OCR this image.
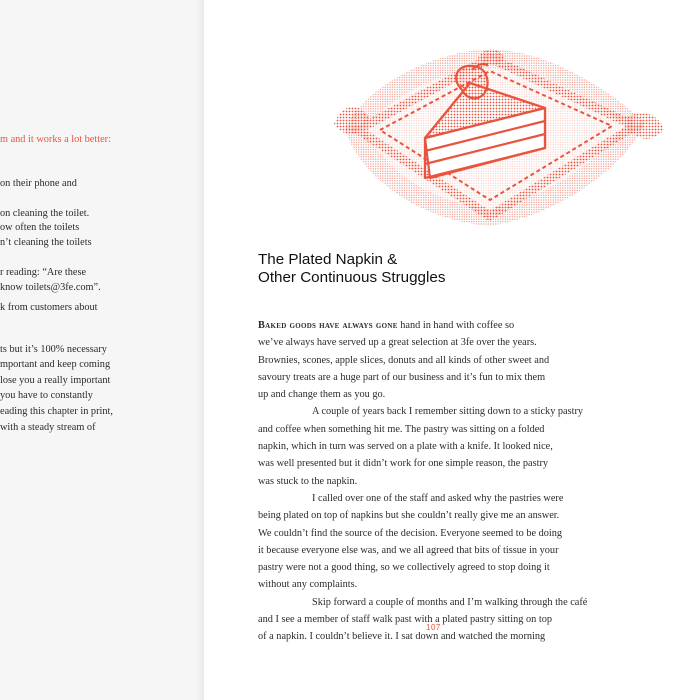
m and it works a lot better:
on their phone and
on cleaning the toilet.
ow often the toilets
n’t cleaning the toilets
r reading: “Are these
know toilets@3fe.com”.
k from customers about
ts but it’s 100% necessary
mportant and keep coming
lose you a really important
you have to constantly
eading this chapter in print,
with a steady stream of
The Plated Napkin &
Other Continuous Struggles
Baked goods have always gone hand in hand with coffee so
we’ve always have served up a great selection at 3fe over the years.
Brownies, scones, apple slices, donuts and all kinds of other sweet and
savoury treats are a huge part of our business and it’s fun to mix them
up and change them as you go.
A couple of years back I remember sitting down to a sticky pastry
and coffee when something hit me. The pastry was sitting on a folded
napkin, which in turn was served on a plate with a knife. It looked nice,
was well presented but it didn’t work for one simple reason, the pastry
was stuck to the napkin.
I called over one of the staff and asked why the pastries were
being plated on top of napkins but she couldn’t really give me an answer.
We couldn’t find the source of the decision. Everyone seemed to be doing
it because everyone else was, and we all agreed that bits of tissue in your
pastry were not a good thing, so we collectively agreed to stop doing it
without any complaints.
Skip forward a couple of months and I’m walking through the café
and I see a member of staff walk past with a plated pastry sitting on top
of a napkin. I couldn’t believe it. I sat down and watched the morning
107
